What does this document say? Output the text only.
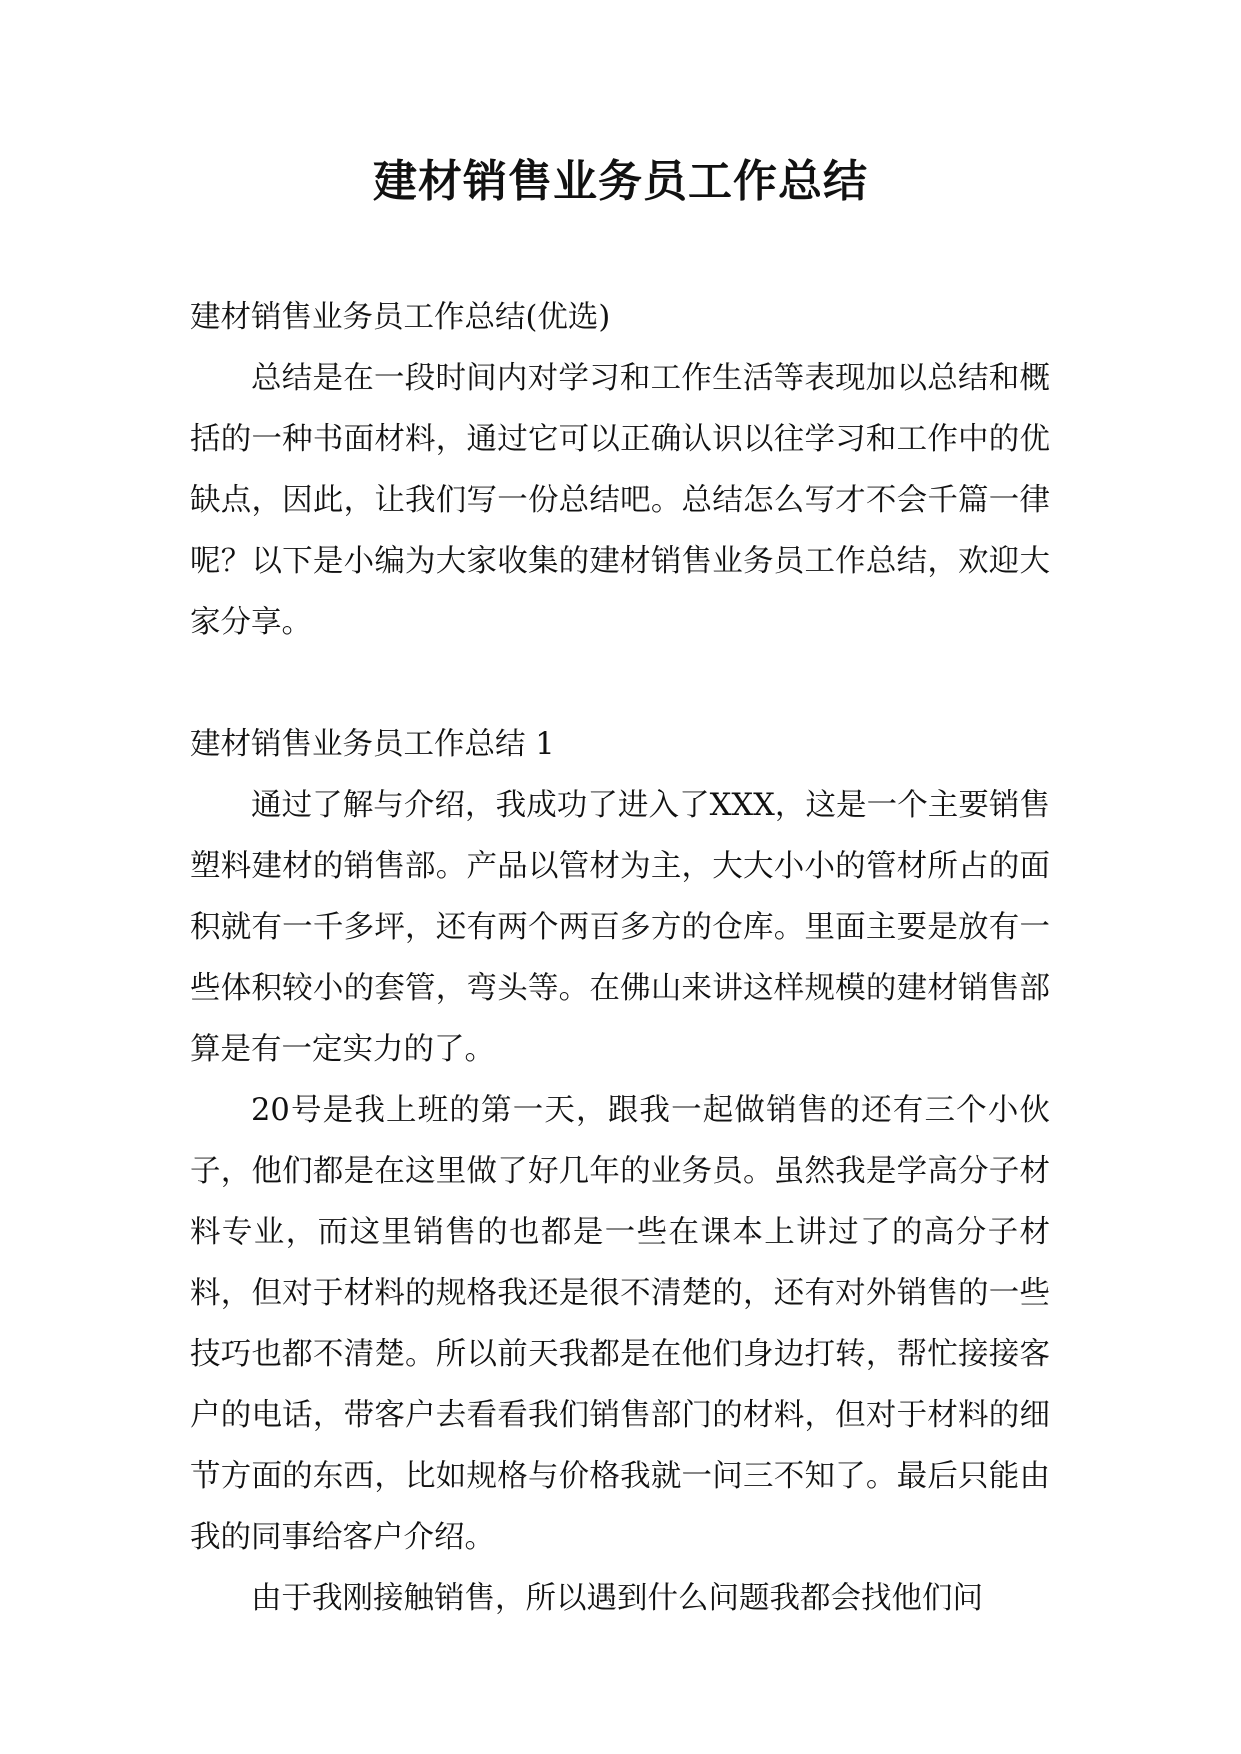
建材销售业务员工作总结

建材销售业务员工作总结(优选)

总结是在一段时间内对学习和工作生活等表现加以总结和概括的一种书面材料，通过它可以正确认识以往学习和工作中的优缺点，因此，让我们写一份总结吧。总结怎么写才不会千篇一律呢？以下是小编为大家收集的建材销售业务员工作总结，欢迎大家分享。

建材销售业务员工作总结 1

通过了解与介绍，我成功了进入了XXX，这是一个主要销售塑料建材的销售部。产品以管材为主，大大小小的管材所占的面积就有一千多坪，还有两个两百多方的仓库。里面主要是放有一些体积较小的套管，弯头等。在佛山来讲这样规模的建材销售部算是有一定实力的了。

20号是我上班的第一天，跟我一起做销售的还有三个小伙子，他们都是在这里做了好几年的业务员。虽然我是学高分子材料专业，而这里销售的也都是一些在课本上讲过了的高分子材料，但对于材料的规格我还是很不清楚的，还有对外销售的一些技巧也都不清楚。所以前天我都是在他们身边打转，帮忙接接客户的电话，带客户去看看我们销售部门的材料，但对于材料的细节方面的东西，比如规格与价格我就一问三不知了。最后只能由我的同事给客户介绍。

由于我刚接触销售，所以遇到什么问题我都会找他们问
